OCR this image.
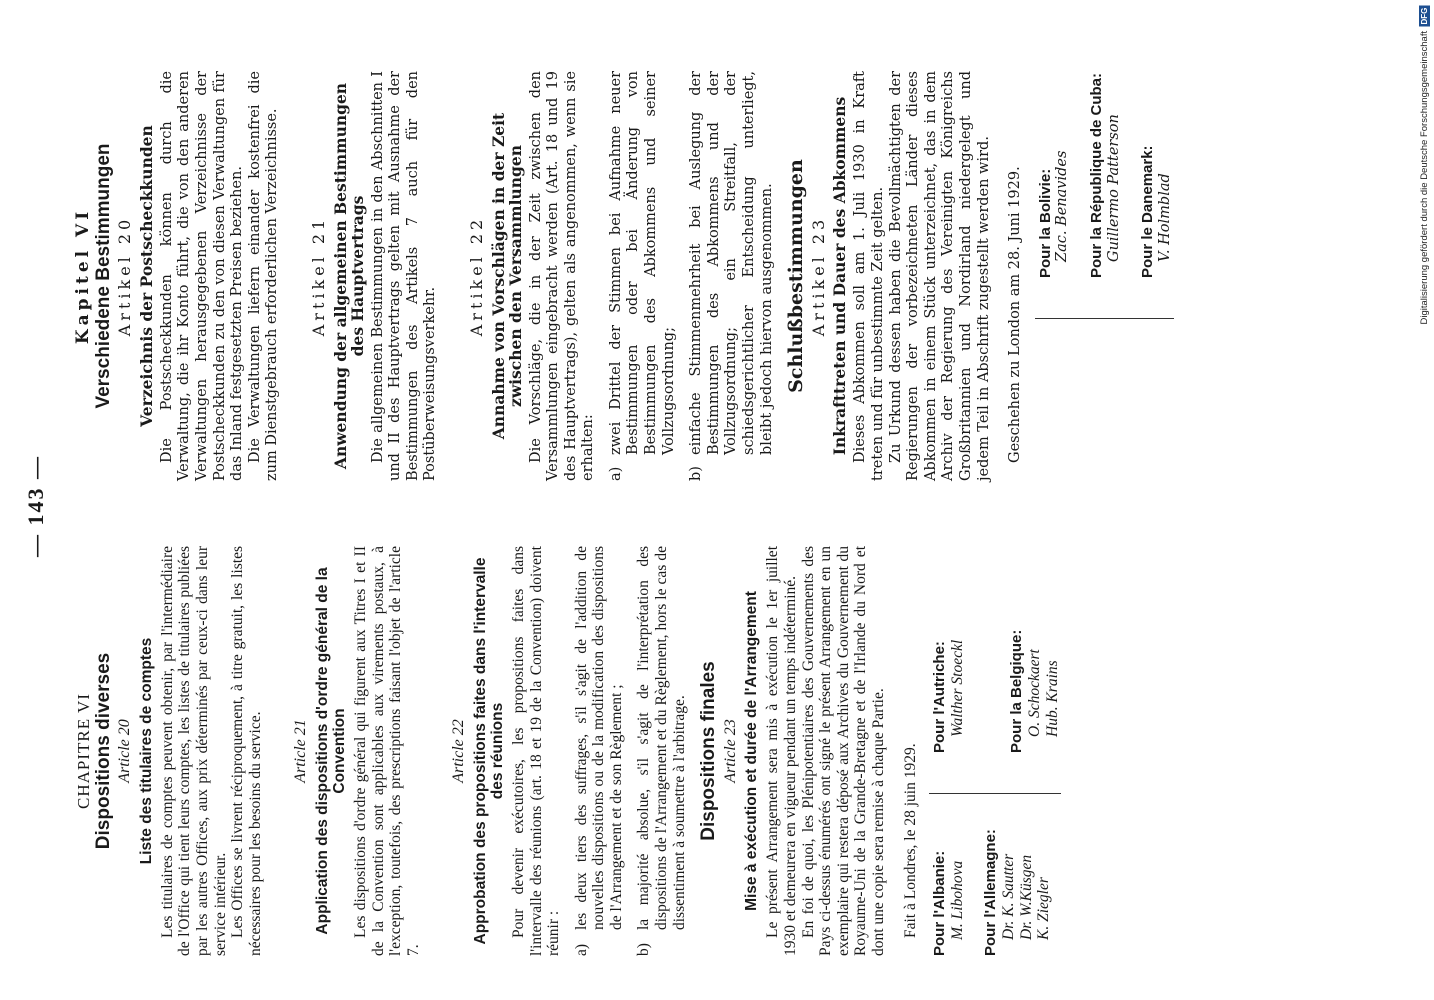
— 143 —
CHAPITRE VI Dispositions diverses Article 20 Liste des titulaires de comptes Les titulaires de comptes peuvent obtenir, par l'intermédiaire de l'Office qui tient leurs comptes, les listes de titulaires publiées par les autres Offices, aux prix déterminés par ceux-ci dans leur service intérieur. Les Offices se livrent réciproquement, à titre gratuit, les listes nécessaires pour les besoins du service. Article 21 Application des dispositions d'ordre général de la Convention Les dispositions d'ordre général qui figurent aux Titres I et II de la Convention sont applicables aux virements postaux, à l'exception, toutefois, des prescriptions faisant l'objet de l'article 7.

Article 22 Approbation des propositions faites dans l'intervalle des réunions Pour devenir exécutoires, les propositions faites dans l'intervalle des réunions (art. 18 et 19 de la Convention) doivent réunir : a)
les deux tiers des suffrages, s'il s'agit de l'addition de nouvelles dispositions ou de la modification des dispositions de l'Arrangement et de son Règlement ;
b)
la majorité absolue, s'il s'agit de l'interprétation des dispositions de l'Arrangement et du Règlement, hors le cas de dissentiment à soumettre à l'arbitrage. Dispositions finales Article 23 Mise à exécution et durée de l'Arrangement Le présent Arrangement sera mis à exécution le 1er juillet 1930 et demeurera en vigueur pendant un temps indéterminé. En foi de quoi, les Plénipotentiaires des Gouvernements des Pays ci-dessus énumérés ont signé le présent Arrangement en un exemplaire qui restera déposé aux Archives du Gouvernement du Royaume-Uni de la Grande-Bretagne et de l'Irlande du Nord et dont une copie sera remise à chaque Partie. Fait à Londres, le 28 juin 1929. Pour l'Albanie: M. Libohova Pour l'Allemagne: Dr. K. Sautter Dr. W.Küsgen K. Ziegler
Pour l'Autriche: Walther Stoeckl	Pour la Belgique: O. Schockaert Hub. Krains
Kapitel VI Verschiedene Bestimmungen Artikel 20 Verzeichnis der Postscheckkunden Die Postscheckkunden können durch die Verwaltung, die ihr Konto führt, die von den anderen Verwaltungen herausgegebenen Verzeichnisse der Postscheckkunden zu den von diesen Verwaltungen für das Inland festgesetzten Preisen beziehen. Die Verwaltungen liefern einander kostenfrei die zum Dienstgebrauch erforderlichen Verzeichnisse. Artikel 21 Anwendung der allgemeinen Bestimmungen des Hauptvertrags Die allgemeinen Bestimmungen in den Abschnitten I und II des Hauptvertrags gelten mit Ausnahme der Bestimmungen des Artikels 7 auch für den Postüberweisungsverkehr.

Artikel 22 Annahme von Vorschlägen in der Zeit zwischen den Versammlungen Die Vorschläge, die in der Zeit zwischen den Versammlungen eingebracht werden (Art. 18 und 19 des Hauptvertrags), gelten als angenommen, wenn sie erhalten: a)
zwei Drittel der Stimmen bei Aufnahme neuer Bestimmungen oder bei Änderung von Bestimmungen des Abkommens und seiner Vollzugsordnung;
b)
einfache Stimmenmehrheit bei Auslegung der Bestimmungen des Abkommens und der Vollzugsordnung; ein Streitfall, der schiedsgerichtlicher Entscheidung unterliegt, bleibt jedoch hiervon ausgenommen. Schlußbestimmungen Artikel 23 Inkrafttreten und Dauer des Abkommens Dieses Abkommen soll am 1. Juli 1930 in Kraft treten und für unbestimmte Zeit gelten. Zu Urkund dessen haben die Bevollmächtigten der Regierungen der vorbezeichneten Länder dieses Abkommen in einem Stück unterzeichnet, das in dem Archiv der Regierung des Vereinigten Königreichs Großbritannien und Nordirland niedergelegt und jedem Teil in Abschrift zugestellt werden wird. Geschehen zu London am 28. Juni 1929. Pour la Bolivie: Zac. Benavides Pour la République de Cuba: Guillermo Patterson Pour le Danemark: V. Holmblad	Digitalisierung gefördert durch die Deutsche Forschungsgemeinschaft
DFG
